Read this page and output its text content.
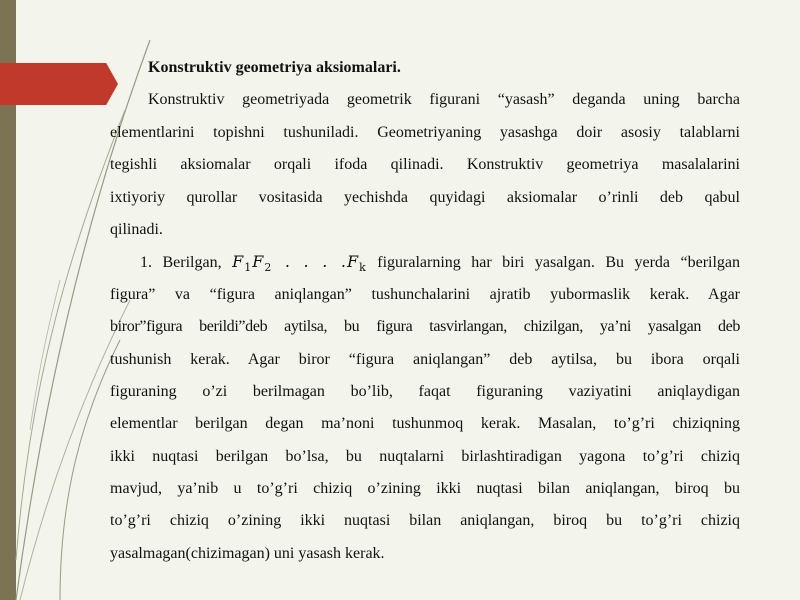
Konstruktiv geometriya aksiomalari.

Konstruktiv geometriyada geometrik figurani “yasash” deganda uning barcha

elementlarini topishni tushuniladi. Geometriyaning yasashga doir asosiy talablarni

tegishli aksiomalar orqali ifoda qilinadi. Konstruktiv geometriya masalalarini

ixtiyoriy qurollar vositasida yechishda quyidagi aksiomalar o’rinli deb qabul

qilinadi.

1. Berilgan, $F_1F_2$ . . . $.F_k$ figuralarning har biri yasalgan. Bu yerda “berilgan

figura” va “figura aniqlangan” tushunchalarini ajratib yubormaslik kerak. Agar

biror”figura berildi”deb aytilsa, bu figura tasvirlangan, chizilgan, ya’ni yasalgan deb

tushunish kerak. Agar biror “figura aniqlangan” deb aytilsa, bu ibora orqali

figuraning o’zi berilmagan bo’lib, faqat figuraning vaziyatini aniqlaydigan

elementlar berilgan degan ma’noni tushunmoq kerak. Masalan, to’g’ri chiziqning

ikki nuqtasi berilgan bo’lsa, bu nuqtalarni birlashtiradigan yagona to’g’ri chiziq

mavjud, ya’nib u to’g’ri chiziq o’zining ikki nuqtasi bilan aniqlangan, biroq bu

to’g’ri chiziq o’zining ikki nuqtasi bilan aniqlangan, biroq bu to’g’ri chiziq

yasalmagan(chizimagan) uni yasash kerak.
